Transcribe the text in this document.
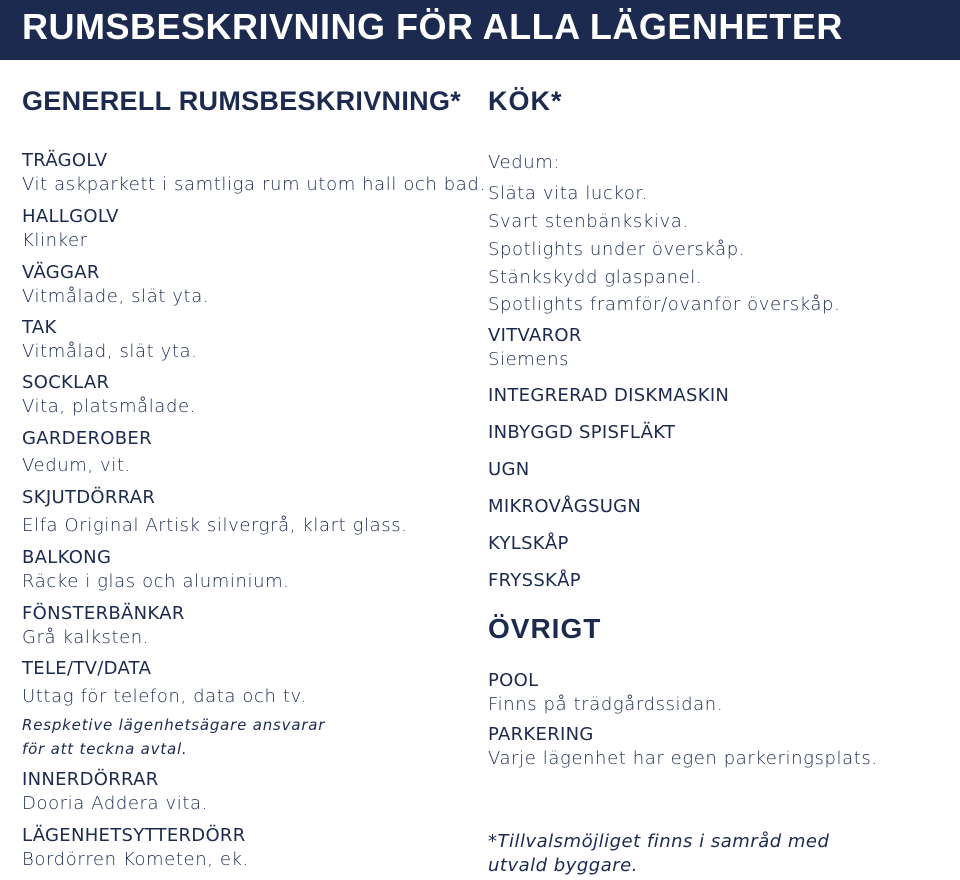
RUMSBESKRIVNING FÖR ALLA LÄGENHETER
GENERELL RUMSBESKRIVNING*
TRÄGOLV
Vit askparkett i samtliga rum utom hall och bad.
HALLGOLV
Klinker
VÄGGAR
Vitmålade, slät yta.
TAK
Vitmålad, slät yta.
SOCKLAR
Vita, platsmålade.
GARDEROBER
Vedum, vit.
SKJUTDÖRRAR
Elfa Original Artisk silvergrå, klart glass.
BALKONG
Räcke i glas och aluminium.
FÖNSTERBÄNKAR
Grå kalksten.
TELE/TV/DATA
Uttag för telefon, data och tv.
Respketive lägenhetsägare ansvarar
för att teckna avtal.
INNERDÖRRAR
Dooria Addera vita.
LÄGENHETSYTTERDÖRR
Bordörren Kometen, ek.
KÖK*
Vedum:
Släta vita luckor.
Svart stenbänkskiva.
Spotlights under överskåp.
Stänkskydd glaspanel.
Spotlights framför/ovanför överskåp.
VITVAROR
Siemens
INTEGRERAD DISKMASKIN
INBYGGD SPISFLÄKT
UGN
MIKROVÅGSUGN
KYLSKÅP
FRYSSKÅP
ÖVRIGT
POOL
Finns på trädgårdssidan.
PARKERING
Varje lägenhet har egen parkeringsplats.
*Tillvalsmöjliget finns i samråd med utvald byggare.
